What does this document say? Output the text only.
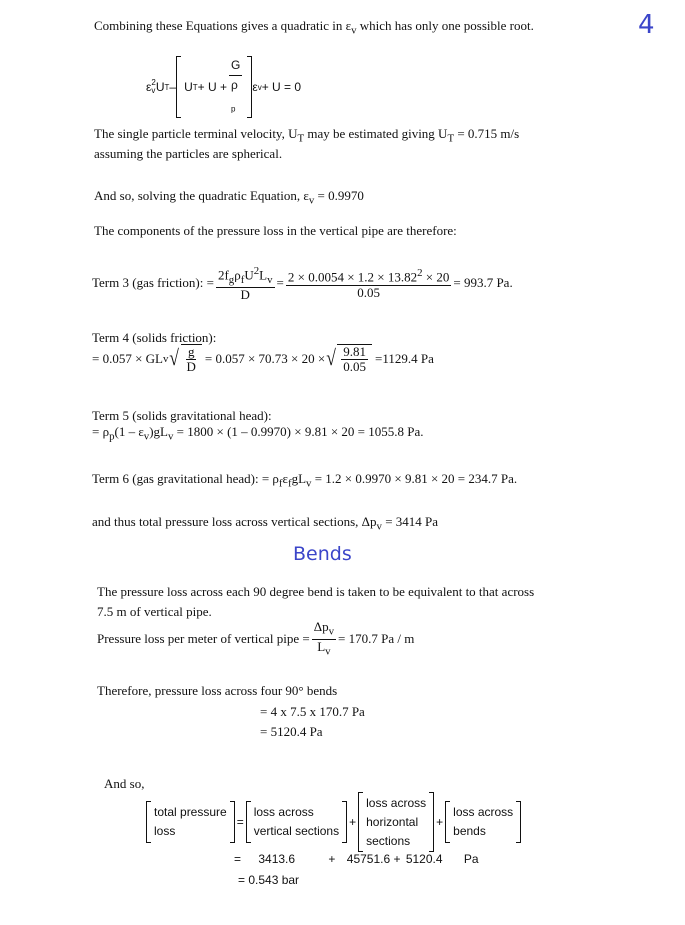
4
Combining these Equations gives a quadratic in $\varepsilon_v$ which has only one possible root.
ε 2
v U T – U T + U + G
ρ
$_p$ ε v + U = 0
The single particle terminal velocity, $U_T$ may be estimated giving $U_T = 0.715$ m/s
assuming the particles are spherical.
And so, solving the quadratic Equation, $\varepsilon_v = 0.9970$
The components of the pressure loss in the vertical pipe are therefore:
Term 3 (gas friction): = $\frac{2f_g\rho_fU^2L_v}{D} = \frac{2 \times 0.0054 \times 1.2 \times 13.82^2 \times 20}{0.05} = 993.7$ Pa.
Term 4 (solids friction):
= 0.057 × GL v √ $\frac{g}{D} = 0.057 \times 70.73 \times 20$ × √ $\frac{9.81}{0.05} =1129.4$ Pa
Term 5 (solids gravitational head):
= $\rho_p(1 - \varepsilon_v)gL_v = 1800 \times (1 - 0.9970) \times 9.81 \times 20 = 1055.8$ Pa.
Term 6 (gas gravitational head): = $\rho_f\varepsilon_fgL_v = 1.2 \times 0.9970 \times 9.81 \times 20 = 234.7$ Pa.
and thus total pressure loss across vertical sections, $\Delta p_v = 3414$ Pa
Bends
The pressure loss across each 90 degree bend is taken to be equivalent to that across
7.5 m of vertical pipe.
Pressure loss per meter of vertical pipe = $\frac{\Delta p_v}{L_v} = 170.7$ Pa / m
Therefore, pressure loss across four 90° bends
= 4 x 7.5 x 170.7 Pa
= 5120.4 Pa
And so,
total pressure
loss
=
loss across
vertical sections
+
loss across
horizontal
sections
+
loss across
bends
= 3413.6	+ 45751.6 + 5120.4 Pa
= 0.543 bar
